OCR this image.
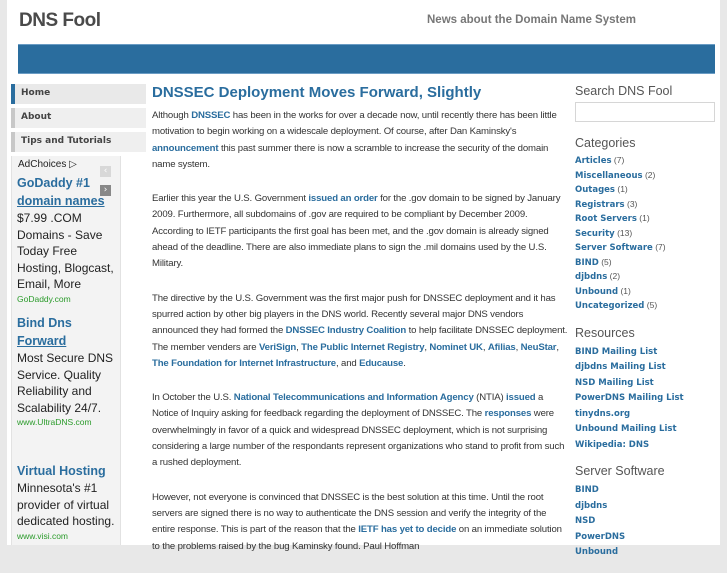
DNS Fool	News about the Domain Name System
Home
About
Tips and Tutorials
AdChoices ▷
‹›
GoDaddy #1
domain names
$7.99 .COM Domains - Save Today Free Hosting, Blogcast, Email, More
GoDaddy.com
Bind Dns
Forward
Most Secure DNS Service. Quality Reliability and Scalability 24/7.
www.UltraDNS.com
Virtual Hosting
Minnesota's #1 provider of virtual dedicated hosting.
www.visi.com
DNSSEC Deployment Moves Forward, Slightly

Although DNSSEC has been in the works for over a decade now, until recently there has been little motivation to begin working on a widescale deployment. Of course, after Dan Kaminsky's announcement this past summer there is now a scramble to increase the security of the domain name system.

Earlier this year the U.S. Government issued an order for the .gov domain to be signed by January 2009. Furthermore, all subdomains of .gov are required to be compliant by December 2009. According to IETF participants the first goal has been met, and the .gov domain is already signed ahead of the deadline. There are also immediate plans to sign the .mil domains used by the U.S. Military.

The directive by the U.S. Government was the first major push for DNSSEC deployment and it has spurred action by other big players in the DNS world. Recently several major DNS vendors announced they had formed the DNSSEC Industry Coalition to help facilitate DNSSEC deployment. The member venders are VeriSign, The Public Internet Registry, Nominet UK, Afilias, NeuStar, The Foundation for Internet Infrastructure, and Educause.

In October the U.S. National Telecommunications and Information Agency (NTIA) issued a Notice of Inquiry asking for feedback regarding the deployment of DNSSEC. The responses were overwhelmingly in favor of a quick and widespread DNSSEC deployment, which is not surprising considering a large number of the respondants represent organizations who stand to profit from such a rushed deployment.

However, not everyone is convinced that DNSSEC is the best solution at this time. Until the root servers are signed there is no way to authenticate the DNS session and verify the integrity of the entire response. This is part of the reason that the IETF has yet to decide on an immediate solution to the problems raised by the bug Kaminsky found. Paul Hoffman

Search DNS Fool
Categories
Articles (7)
Miscellaneous (2)
Outages (1)
Registrars (3)
Root Servers (1)
Security (13)
Server Software (7)
BIND (5)
djbdns (2)
Unbound (1)
Uncategorized (5)
Resources
BIND Mailing List
djbdns Mailing List
NSD Mailing List
PowerDNS Mailing List
tinydns.org
Unbound Mailing List
Wikipedia: DNS
Server Software
BIND
djbdns
NSD
PowerDNS
Unbound
